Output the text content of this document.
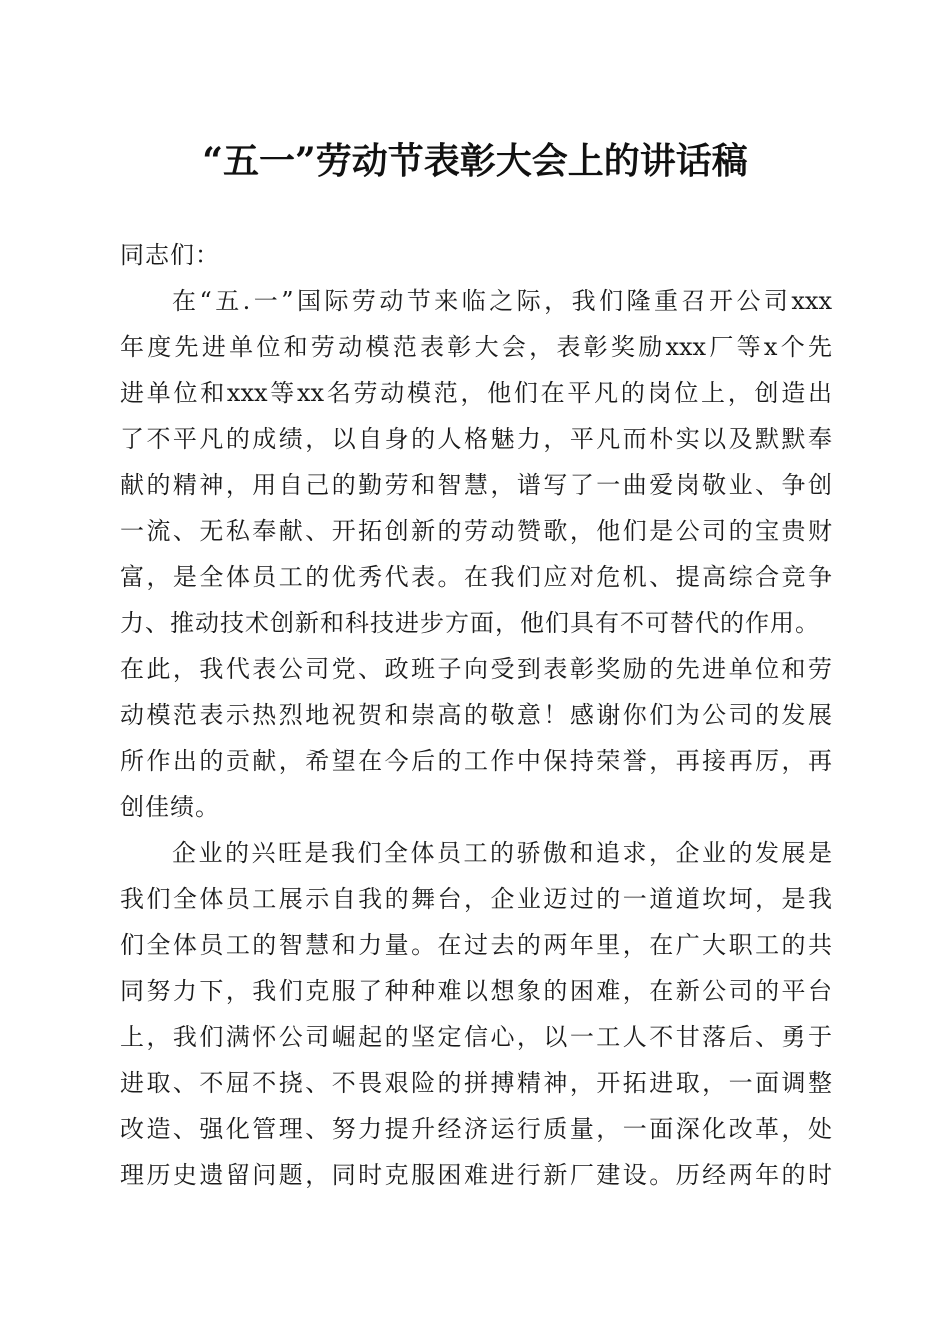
“五一”劳动节表彰大会上的讲话稿
同志们：
在“五.一”国际劳动节来临之际，我们隆重召开公司xxx
年度先进单位和劳动模范表彰大会，表彰奖励xxx厂等x个先
进单位和xxx等xx名劳动模范，他们在平凡的岗位上，创造出
了不平凡的成绩，以自身的人格魅力，平凡而朴实以及默默奉
献的精神，用自己的勤劳和智慧，谱写了一曲爱岗敬业、争创
一流、无私奉献、开拓创新的劳动赞歌，他们是公司的宝贵财
富，是全体员工的优秀代表。在我们应对危机、提高综合竞争
力、推动技术创新和科技进步方面，他们具有不可替代的作用。
在此，我代表公司党、政班子向受到表彰奖励的先进单位和劳
动模范表示热烈地祝贺和崇高的敬意！感谢你们为公司的发展
所作出的贡献，希望在今后的工作中保持荣誉，再接再厉，再
创佳绩。
企业的兴旺是我们全体员工的骄傲和追求，企业的发展是
我们全体员工展示自我的舞台，企业迈过的一道道坎坷，是我
们全体员工的智慧和力量。在过去的两年里，在广大职工的共
同努力下，我们克服了种种难以想象的困难，在新公司的平台
上，我们满怀公司崛起的坚定信心，以一工人不甘落后、勇于
进取、不屈不挠、不畏艰险的拼搏精神，开拓进取，一面调整
改造、强化管理、努力提升经济运行质量，一面深化改革，处
理历史遗留问题，同时克服困难进行新厂建设。历经两年的时
